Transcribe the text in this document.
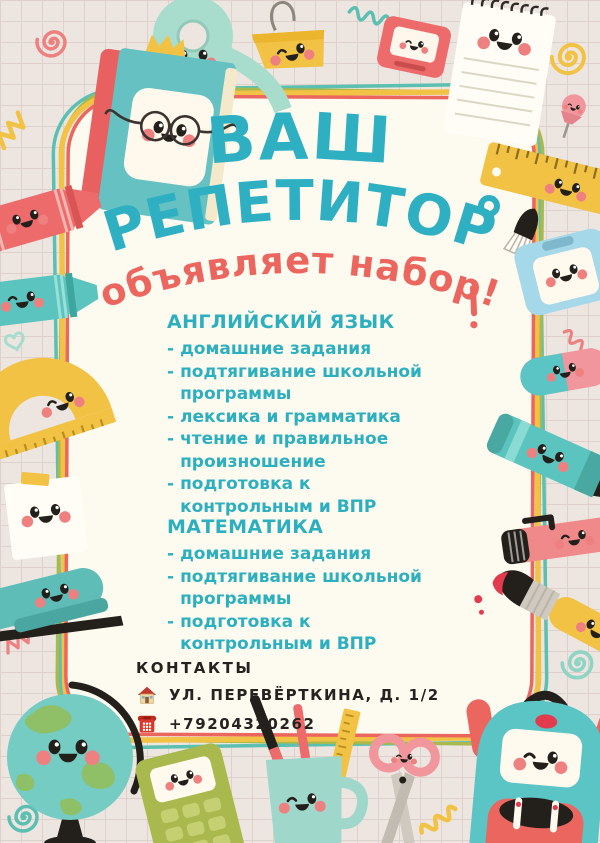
ВАШ
РЕПЕТИТОР
объявляет набор!
АНГЛИЙСКИЙ ЯЗЫК
- домашние задания
- подтягивание школьной программы
- лексика и грамматика
- чтение и правильное произношение
- подготовка к контрольным и ВПР
МАТЕМАТИКА
- домашние задания
- подтягивание школьной программы
- подготовка к контрольным и ВПР
КОНТАКТЫ
УЛ. ПЕРЕВЁРТКИНА, Д. 1/2
+79204320262
